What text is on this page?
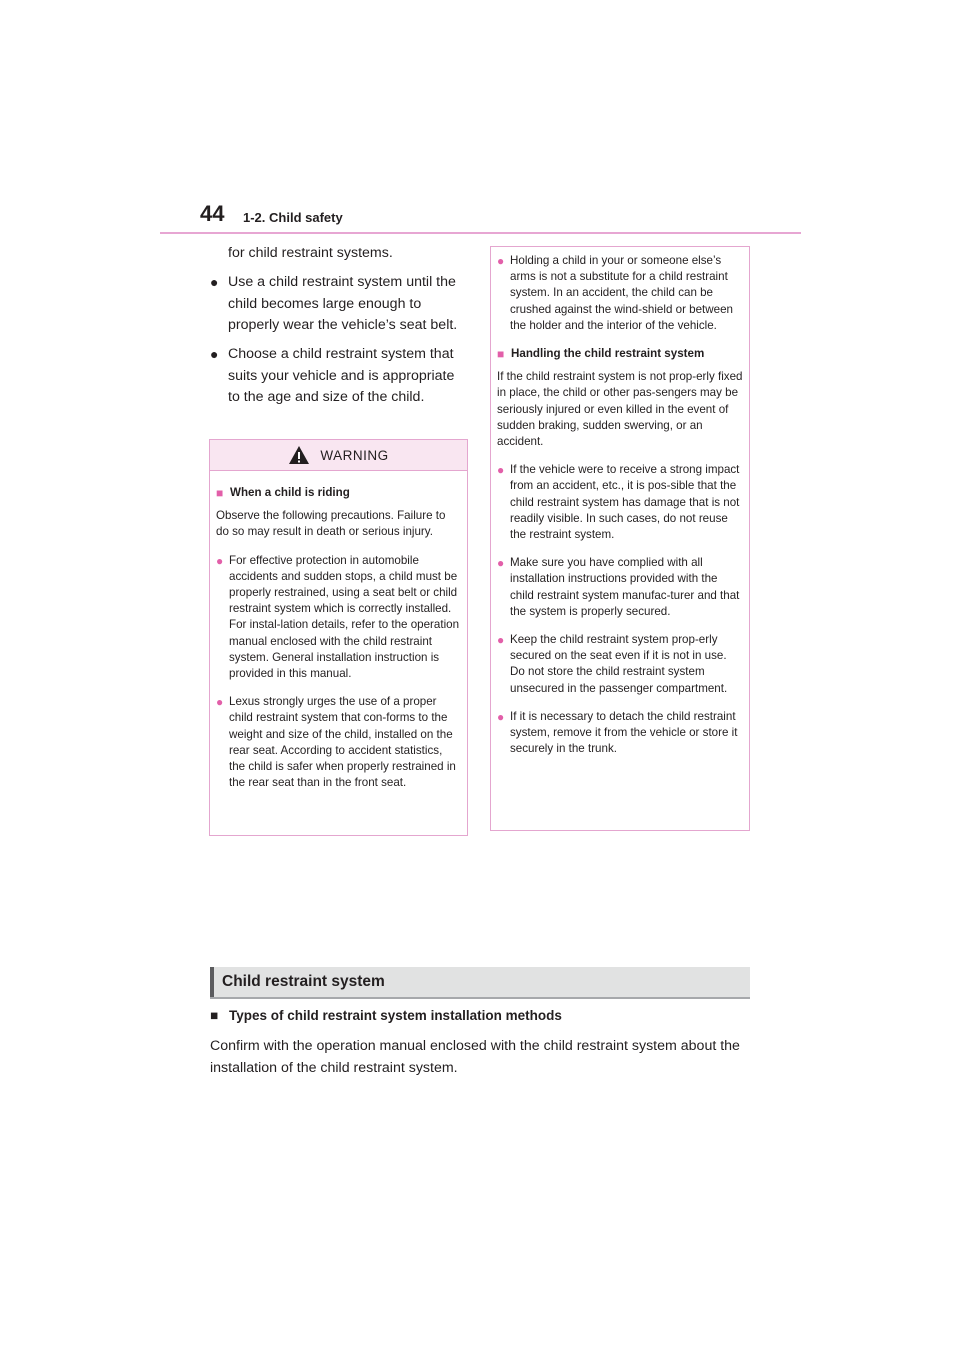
44 1-2. Child safety

for child restraint systems.

● Use a child restraint system until the child becomes large enough to properly wear the vehicle’s seat belt.
● Choose a child restraint system that suits your vehicle and is appropriate to the age and size of the child.
WARNING
■ When a child is riding
Observe the following precautions. Failure to do so may result in death or serious injury.
● For effective protection in automobile accidents and sudden stops, a child must be properly restrained, using a seat belt or child restraint system which is correctly installed. For instal-lation details, refer to the operation manual enclosed with the child restraint system. General installation instruction is provided in this manual.
● Lexus strongly urges the use of a proper child restraint system that con-forms to the weight and size of the child, installed on the rear seat. According to accident statistics, the child is safer when properly restrained in the rear seat than in the front seat.
● Holding a child in your or someone else’s arms is not a substitute for a child restraint system. In an accident, the child can be crushed against the wind-shield or between the holder and the interior of the vehicle.
■ Handling the child restraint system
If the child restraint system is not prop-erly fixed in place, the child or other pas-sengers may be seriously injured or even killed in the event of sudden braking, sudden swerving, or an accident.
● If the vehicle were to receive a strong impact from an accident, etc., it is pos-sible that the child restraint system has damage that is not readily visible. In such cases, do not reuse the restraint system.
● Make sure you have complied with all installation instructions provided with the child restraint system manufac-turer and that the system is properly secured.
● Keep the child restraint system prop-erly secured on the seat even if it is not in use. Do not store the child restraint system unsecured in the passenger compartment.
● If it is necessary to detach the child restraint system, remove it from the vehicle or store it securely in the trunk.
Child restraint system
■ Types of child restraint system installation methods
Confirm with the operation manual enclosed with the child restraint system about the installation of the child restraint system.
